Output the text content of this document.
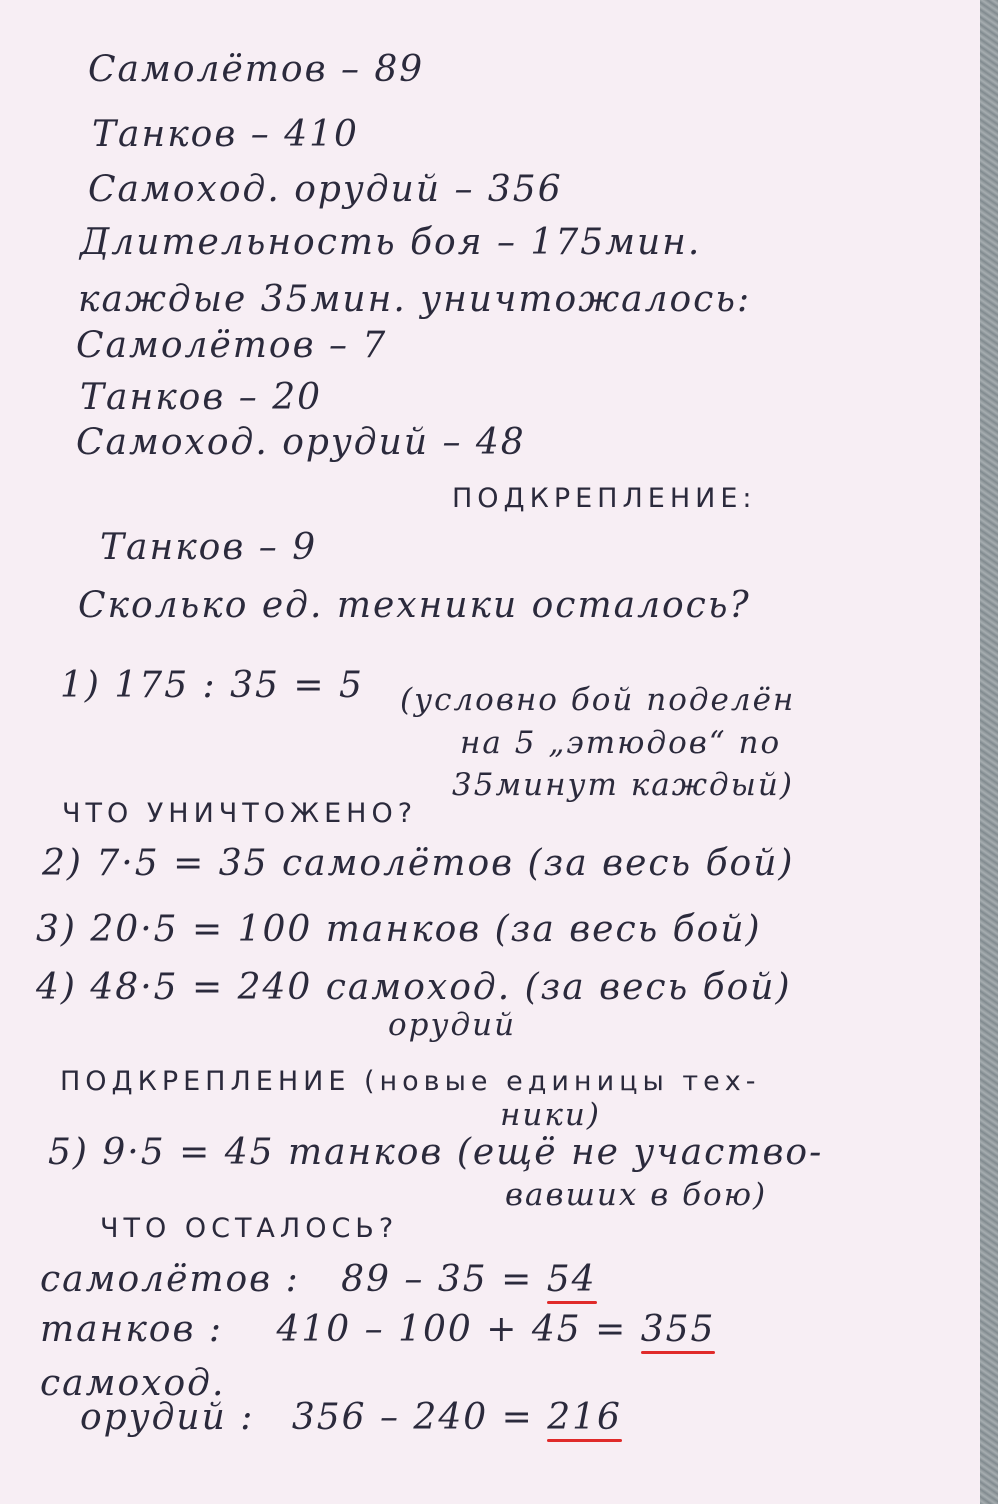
Самолётов – 89
Танков – 410
Самоход. орудий – 356
Длительность боя – 175мин.
каждые 35мин. уничтожалось:
Самолётов – 7
Танков – 20
Самоход. орудий – 48
ПОДКРЕПЛЕНИЕ:
Танков – 9
Сколько ед. техники осталось?
1) 175 : 35 = 5 (условно бой поделён
на 5 „этюдов“ по
35минут каждый)
ЧТО УНИЧТОЖЕНО?
2) 7·5 = 35 самолётов (за весь бой)
3) 20·5 = 100 танков (за весь бой)
4) 48·5 = 240 самоход. (за весь бой)
орудий
ПОДКРЕПЛЕНИЕ (новые единицы тех-
ники)
5) 9·5 = 45 танков (ещё не участво-
вавших в бою)
ЧТО ОСТАЛОСЬ?
самолётов : 89 – 35 = 54
танков : 410 – 100 + 45 = 355
самоход.
орудий : 356 – 240 = 216
